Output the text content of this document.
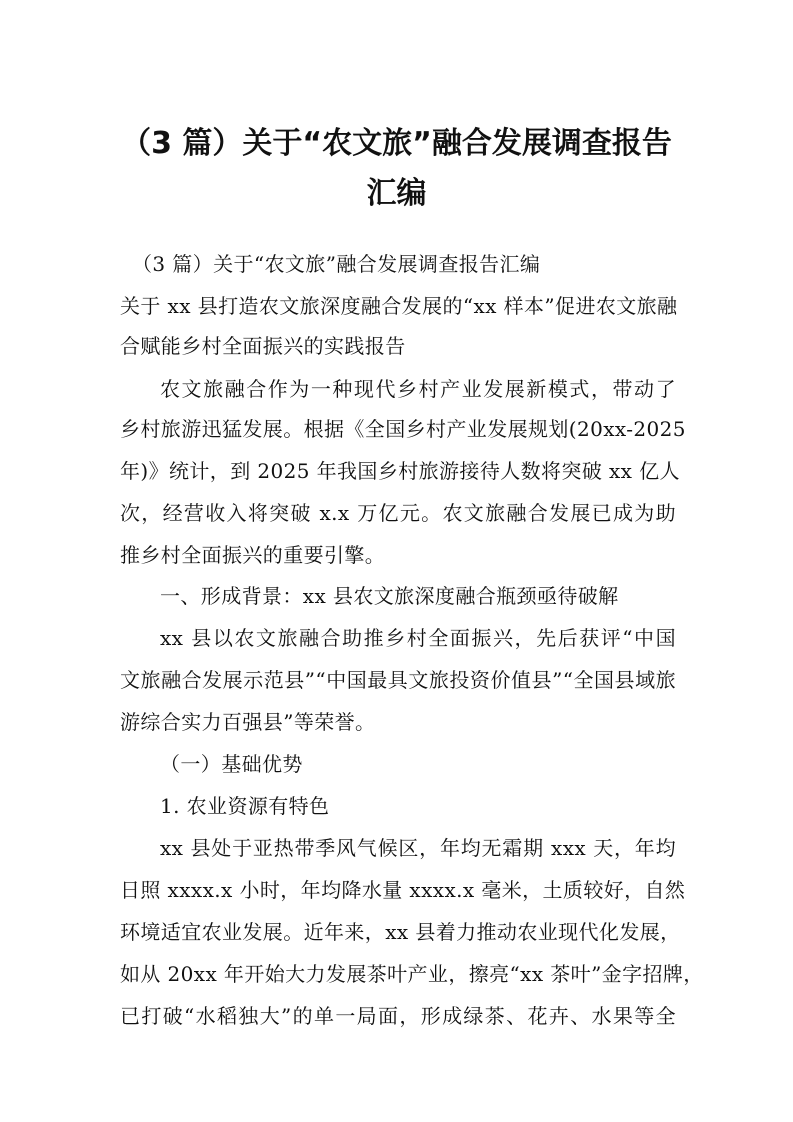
（3 篇）关于“农文旅”融合发展调查报告
汇编
（3 篇）关于“农文旅”融合发展调查报告汇编
关于 xx 县打造农文旅深度融合发展的“xx 样本”促进农文旅融
合赋能乡村全面振兴的实践报告
农文旅融合作为一种现代乡村产业发展新模式，带动了
乡村旅游迅猛发展。根据《全国乡村产业发展规划(20xx-2025
年)》统计，到 2025 年我国乡村旅游接待人数将突破 xx 亿人
次，经营收入将突破 x.x 万亿元。农文旅融合发展已成为助
推乡村全面振兴的重要引擎。
一、形成背景：xx 县农文旅深度融合瓶颈亟待破解
xx 县以农文旅融合助推乡村全面振兴，先后获评“中国
文旅融合发展示范县”“中国最具文旅投资价值县”“全国县域旅
游综合实力百强县”等荣誉。
（一）基础优势
1. 农业资源有特色
xx 县处于亚热带季风气候区，年均无霜期 xxx 天，年均
日照 xxxx.x 小时，年均降水量 xxxx.x 毫米，土质较好，自然
环境适宜农业发展。近年来，xx 县着力推动农业现代化发展，
如从 20xx 年开始大力发展茶叶产业，擦亮“xx 茶叶”金字招牌，
已打破“水稻独大”的单一局面，形成绿茶、花卉、水果等全
